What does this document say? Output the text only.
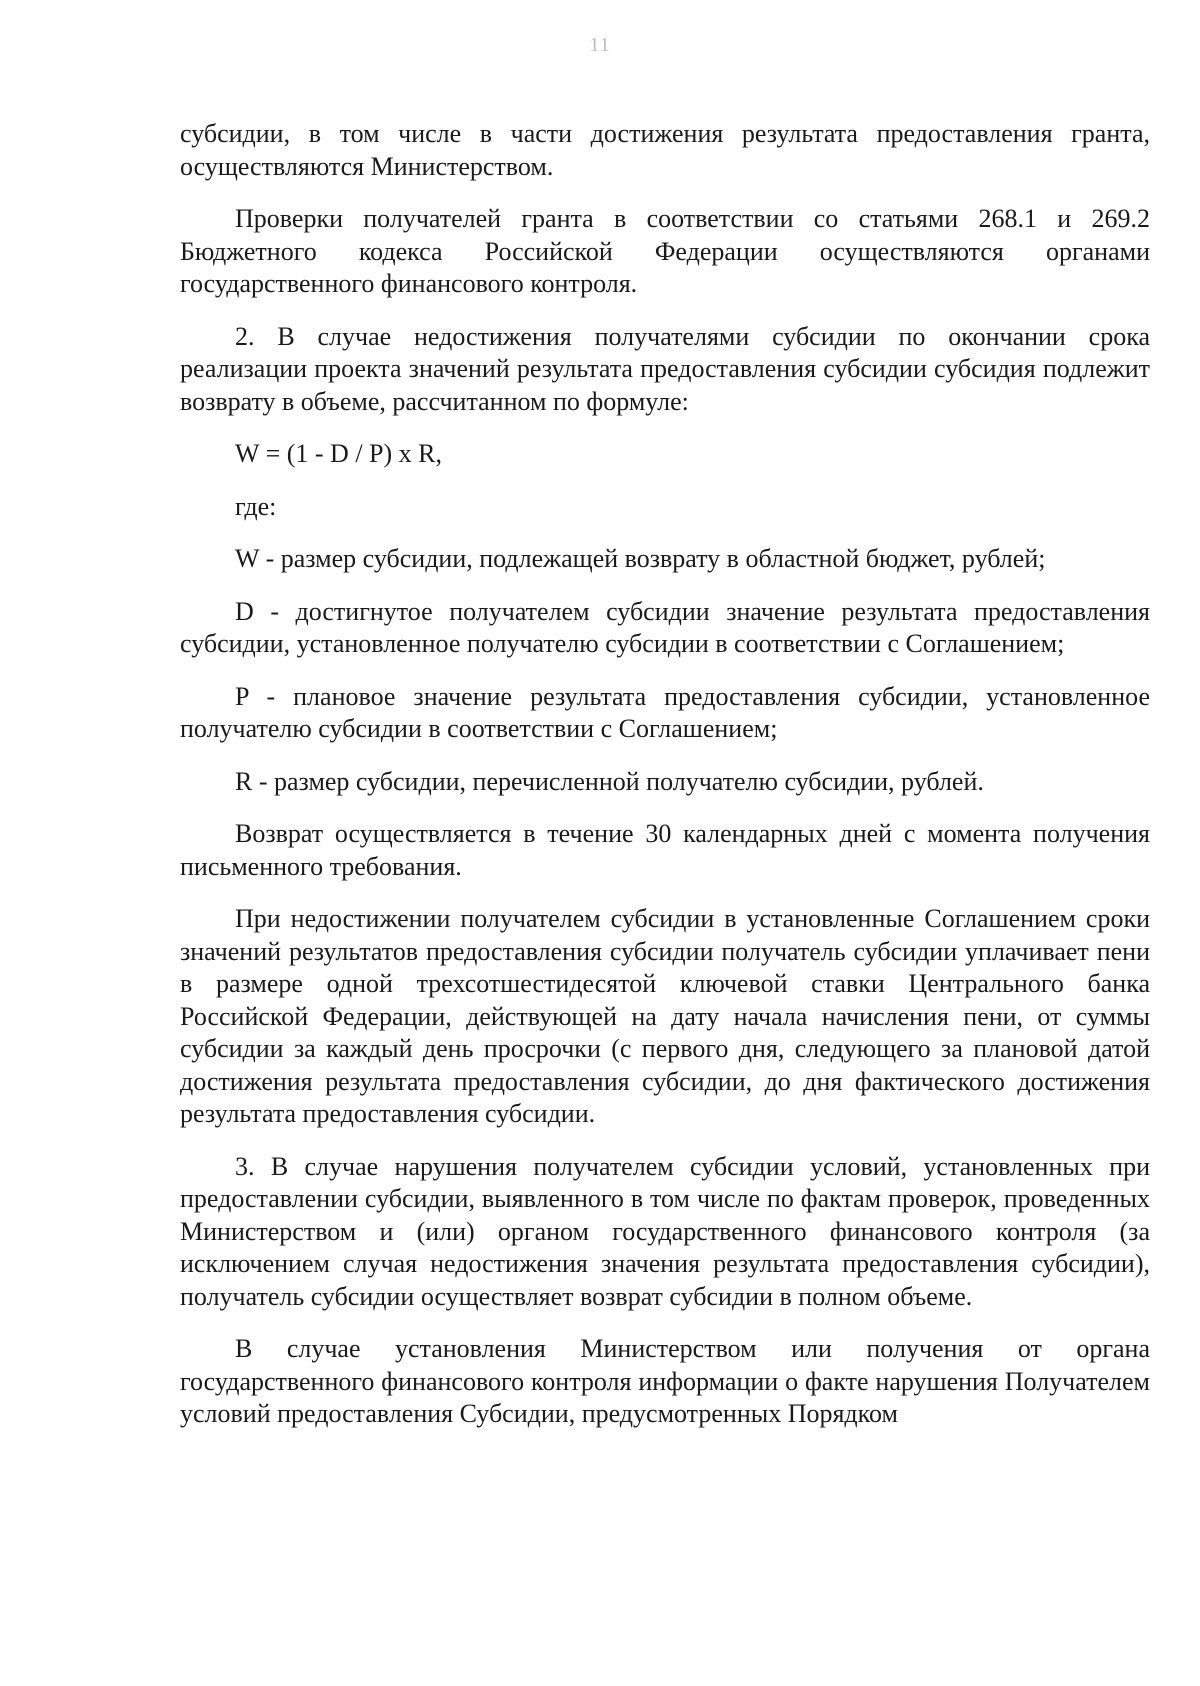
11

субсидии, в том числе в части достижения результата предоставления гранта, осуществляются Министерством.

Проверки получателей гранта в соответствии со статьями 268.1 и 269.2 Бюджетного кодекса Российской Федерации осуществляются органами государственного финансового контроля.

2. В случае недостижения получателями субсидии по окончании срока реализации проекта значений результата предоставления субсидии субсидия подлежит возврату в объеме, рассчитанном по формуле:

W = (1 - D / P) x R,

где:

W - размер субсидии, подлежащей возврату в областной бюджет, рублей;

D - достигнутое получателем субсидии значение результата предоставления субсидии, установленное получателю субсидии в соответствии с Соглашением;

P - плановое значение результата предоставления субсидии, установленное получателю субсидии в соответствии с Соглашением;

R - размер субсидии, перечисленной получателю субсидии, рублей.

Возврат осуществляется в течение 30 календарных дней с момента получения письменного требования.

При недостижении получателем субсидии в установленные Соглашением сроки значений результатов предоставления субсидии получатель субсидии уплачивает пени в размере одной трехсотшестидесятой ключевой ставки Центрального банка Российской Федерации, действующей на дату начала начисления пени, от суммы субсидии за каждый день просрочки (с первого дня, следующего за плановой датой достижения результата предоставления субсидии, до дня фактического достижения результата предоставления субсидии.

3. В случае нарушения получателем субсидии условий, установленных при предоставлении субсидии, выявленного в том числе по фактам проверок, проведенных Министерством и (или) органом государственного финансового контроля (за исключением случая недостижения значения результата предоставления субсидии), получатель субсидии осуществляет возврат субсидии в полном объеме.

В случае установления Министерством или получения от органа государственного финансового контроля информации о факте нарушения Получателем условий предоставления Субсидии, предусмотренных Порядком
